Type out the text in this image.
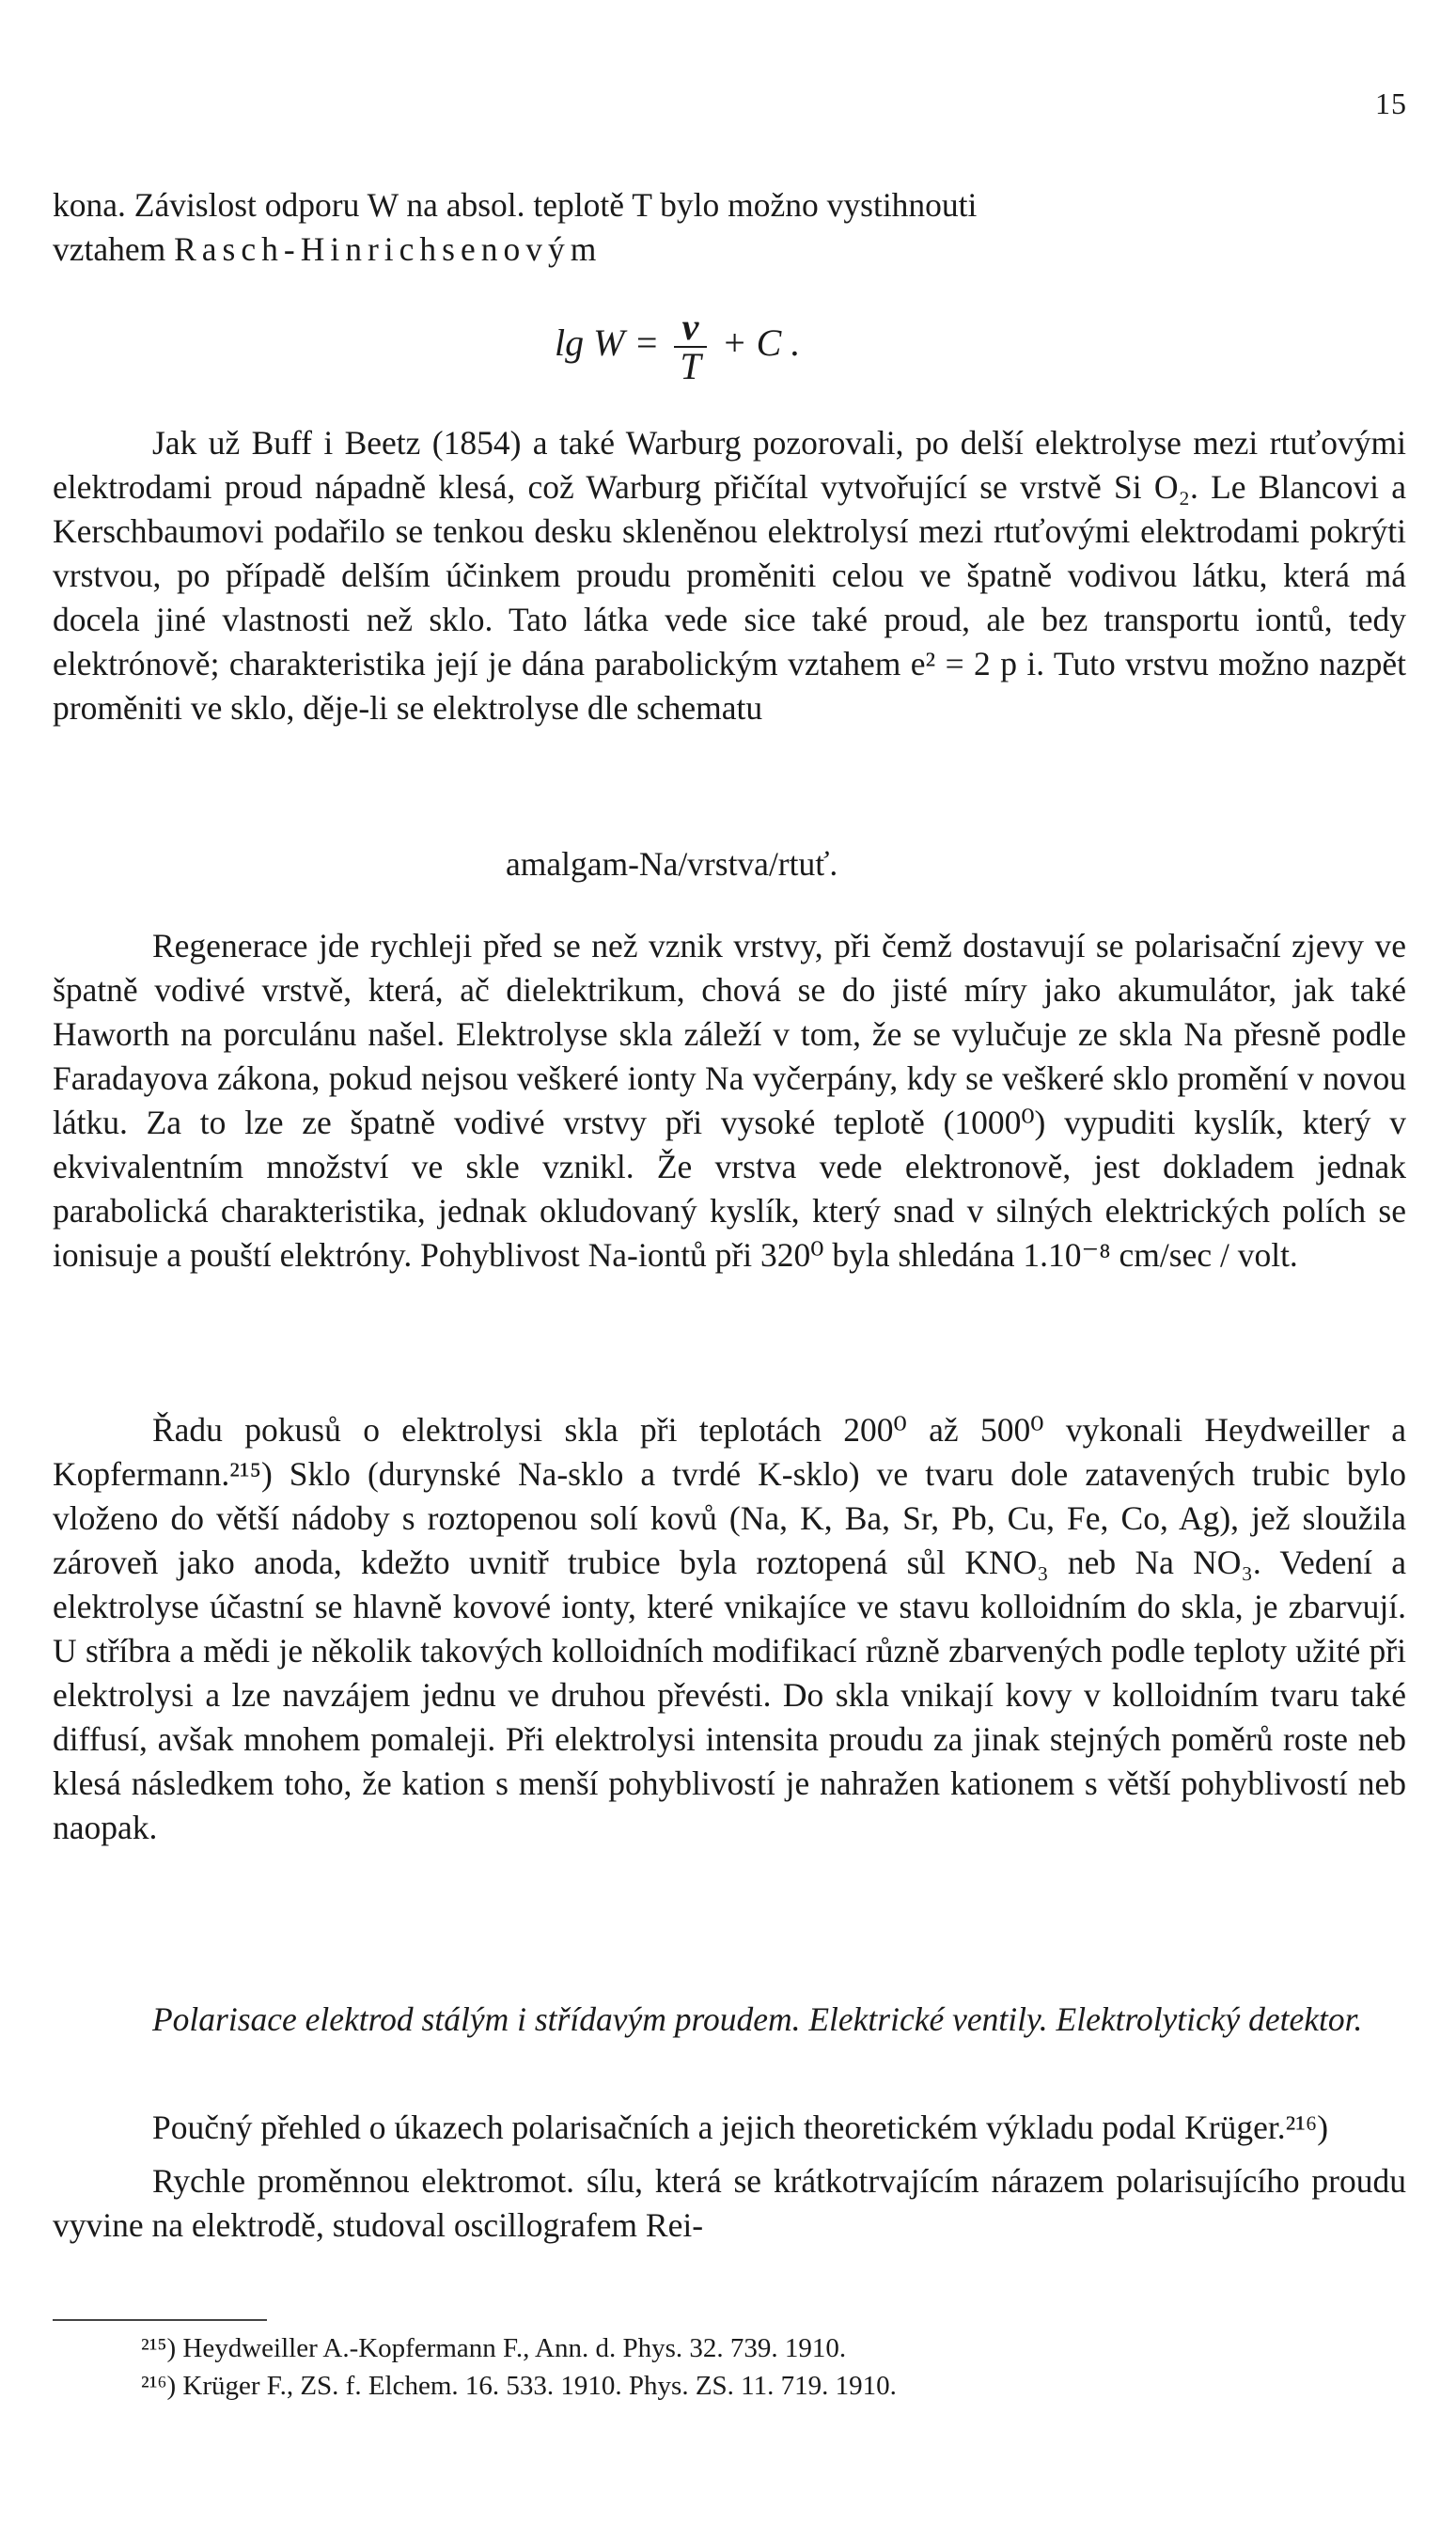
15

kona. Závislost odporu W na absol. teplotě T bylo možno vystihnouti

vztahem Rasch-Hinrichsenovým

$\lg W = \frac{v}{T} + C$ .

Jak už Buff i Beetz (1854) a také Warburg pozorovali, po delší elektrolyse mezi rtuťovými elektrodami proud nápadně klesá, což Warburg přičítal vytvořující se vrstvě Si O₂. Le Blancovi a Kerschbaumovi podařilo se tenkou desku skleněnou elektrolysí mezi rtuťovými elektrodami pokrýti vrstvou, po případě delším účinkem proudu proměniti celou ve špatně vodivou látku, která má docela jiné vlastnosti než sklo. Tato látka vede sice také proud, ale bez transportu iontů, tedy elektrónově; charakteristika její je dána parabolickým vztahem e² = 2 p i. Tuto vrstvu možno nazpět proměniti ve sklo, děje-li se elektrolyse dle schematu

amalgam-Na/vrstva/rtuť.

Regenerace jde rychleji před se než vznik vrstvy, při čemž dostavují se polarisační zjevy ve špatně vodivé vrstvě, která, ač dielektrikum, chová se do jisté míry jako akumulátor, jak také Haworth na porculánu našel. Elektrolyse skla záleží v tom, že se vylučuje ze skla Na přesně podle Faradayova zákona, pokud nejsou veškeré ionty Na vyčerpány, kdy se veškeré sklo promění v novou látku. Za to lze ze špatně vodivé vrstvy při vysoké teplotě (1000⁰) vypuditi kyslík, který v ekvivalentním množství ve skle vznikl. Že vrstva vede elektronově, jest dokladem jednak parabolická charakteristika, jednak okludovaný kyslík, který snad v silných elektrických polích se ionisuje a pouští elektróny. Pohyblivost Na-iontů při 320⁰ byla shledána 1.10⁻⁸ cm/sec / volt.

Řadu pokusů o elektrolysi skla při teplotách 200⁰ až 500⁰ vykonali Heydweiller a Kopfermann.²¹⁵) Sklo (durynské Na-sklo a tvrdé K-sklo) ve tvaru dole zatavených trubic bylo vloženo do větší nádoby s roztopenou solí kovů (Na, K, Ba, Sr, Pb, Cu, Fe, Co, Ag), jež sloužila zároveň jako anoda, kdežto uvnitř trubice byla roztopená sůl KNO₃ neb Na NO₃. Vedení a elektrolyse účastní se hlavně kovové ionty, které vnikajíce ve stavu kolloidním do skla, je zbarvují. U stříbra a mědi je několik takových kolloidních modifikací různě zbarvených podle teploty užité při elektrolysi a lze navzájem jednu ve druhou převésti. Do skla vnikají kovy v kolloidním tvaru také diffusí, avšak mnohem pomaleji. Při elektrolysi intensita proudu za jinak stejných poměrů roste neb klesá následkem toho, že kation s menší pohyblivostí je nahražen kationem s větší pohyblivostí neb naopak.

Polarisace elektrod stálým i střídavým proudem. Elektrické ventily. Elektrolytický detektor.

Poučný přehled o úkazech polarisačních a jejich theoretickém výkladu podal Krüger.²¹⁶)

Rychle proměnnou elektromot. sílu, která se krátkotrvajícím nárazem polarisujícího proudu vyvine na elektrodě, studoval oscillografem Rei-

²¹⁵) Heydweiller A.-Kopfermann F., Ann. d. Phys. 32. 739. 1910.
²¹⁶) Krüger F., ZS. f. Elchem. 16. 533. 1910. Phys. ZS. 11. 719. 1910.
